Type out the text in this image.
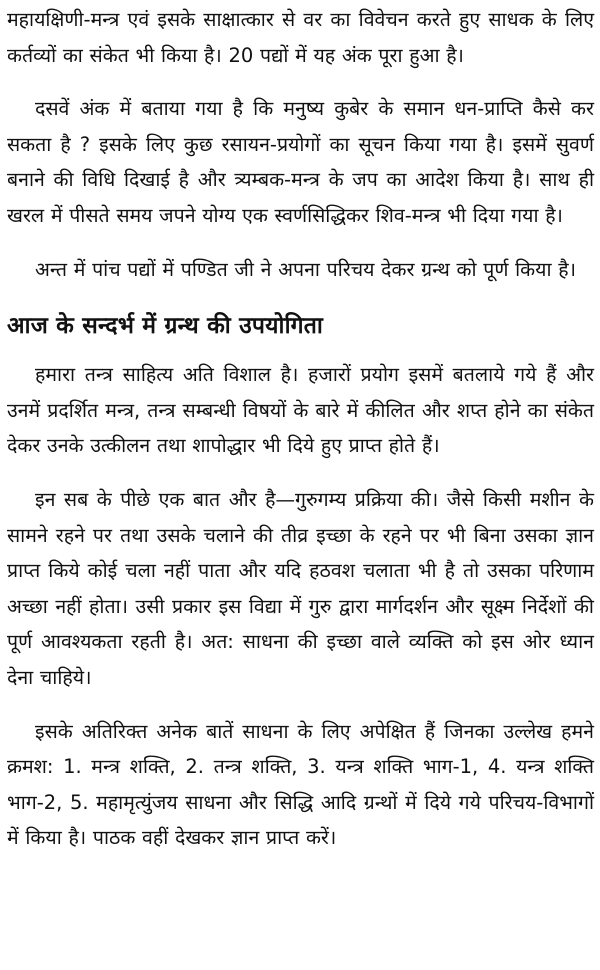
महायक्षिणी-मन्त्र एवं इसके साक्षात्कार से वर का विवेचन करते हुए साधक के लिए कर्तव्यों का संकेत भी किया है। 20 पद्यों में यह अंक पूरा हुआ है।

दसवें अंक में बताया गया है कि मनुष्य कुबेर के समान धन-प्राप्ति कैसे कर सकता है ? इसके लिए कुछ रसायन-प्रयोगों का सूचन किया गया है। इसमें सुवर्ण बनाने की विधि दिखाई है और त्र्यम्बक-मन्त्र के जप का आदेश किया है। साथ ही खरल में पीसते समय जपने योग्य एक स्वर्णसिद्धिकर शिव-मन्त्र भी दिया गया है।

अन्त में पांच पद्यों में पण्डित जी ने अपना परिचय देकर ग्रन्थ को पूर्ण किया है।

आज के सन्दर्भ में ग्रन्थ की उपयोगिता

हमारा तन्त्र साहित्य अति विशाल है। हजारों प्रयोग इसमें बतलाये गये हैं और उनमें प्रदर्शित मन्त्र, तन्त्र सम्बन्धी विषयों के बारे में कीलित और शप्त होने का संकेत देकर उनके उत्कीलन तथा शापोद्धार भी दिये हुए प्राप्त होते हैं।

इन सब के पीछे एक बात और है—गुरुगम्य प्रक्रिया की। जैसे किसी मशीन के सामने रहने पर तथा उसके चलाने की तीव्र इच्छा के रहने पर भी बिना उसका ज्ञान प्राप्त किये कोई चला नहीं पाता और यदि हठवश चलाता भी है तो उसका परिणाम अच्छा नहीं होता। उसी प्रकार इस विद्या में गुरु द्वारा मार्गदर्शन और सूक्ष्म निर्देशों की पूर्ण आवश्यकता रहती है। अत: साधना की इच्छा वाले व्यक्ति को इस ओर ध्यान देना चाहिये।

इसके अतिरिक्त अनेक बातें साधना के लिए अपेक्षित हैं जिनका उल्लेख हमने क्रमश: 1. मन्त्र शक्ति, 2. तन्त्र शक्ति, 3. यन्त्र शक्ति भाग-1, 4. यन्त्र शक्ति भाग-2, 5. महामृत्युंजय साधना और सिद्धि आदि ग्रन्थों में दिये गये परिचय-विभागों में किया है। पाठक वहीं देखकर ज्ञान प्राप्त करें।
